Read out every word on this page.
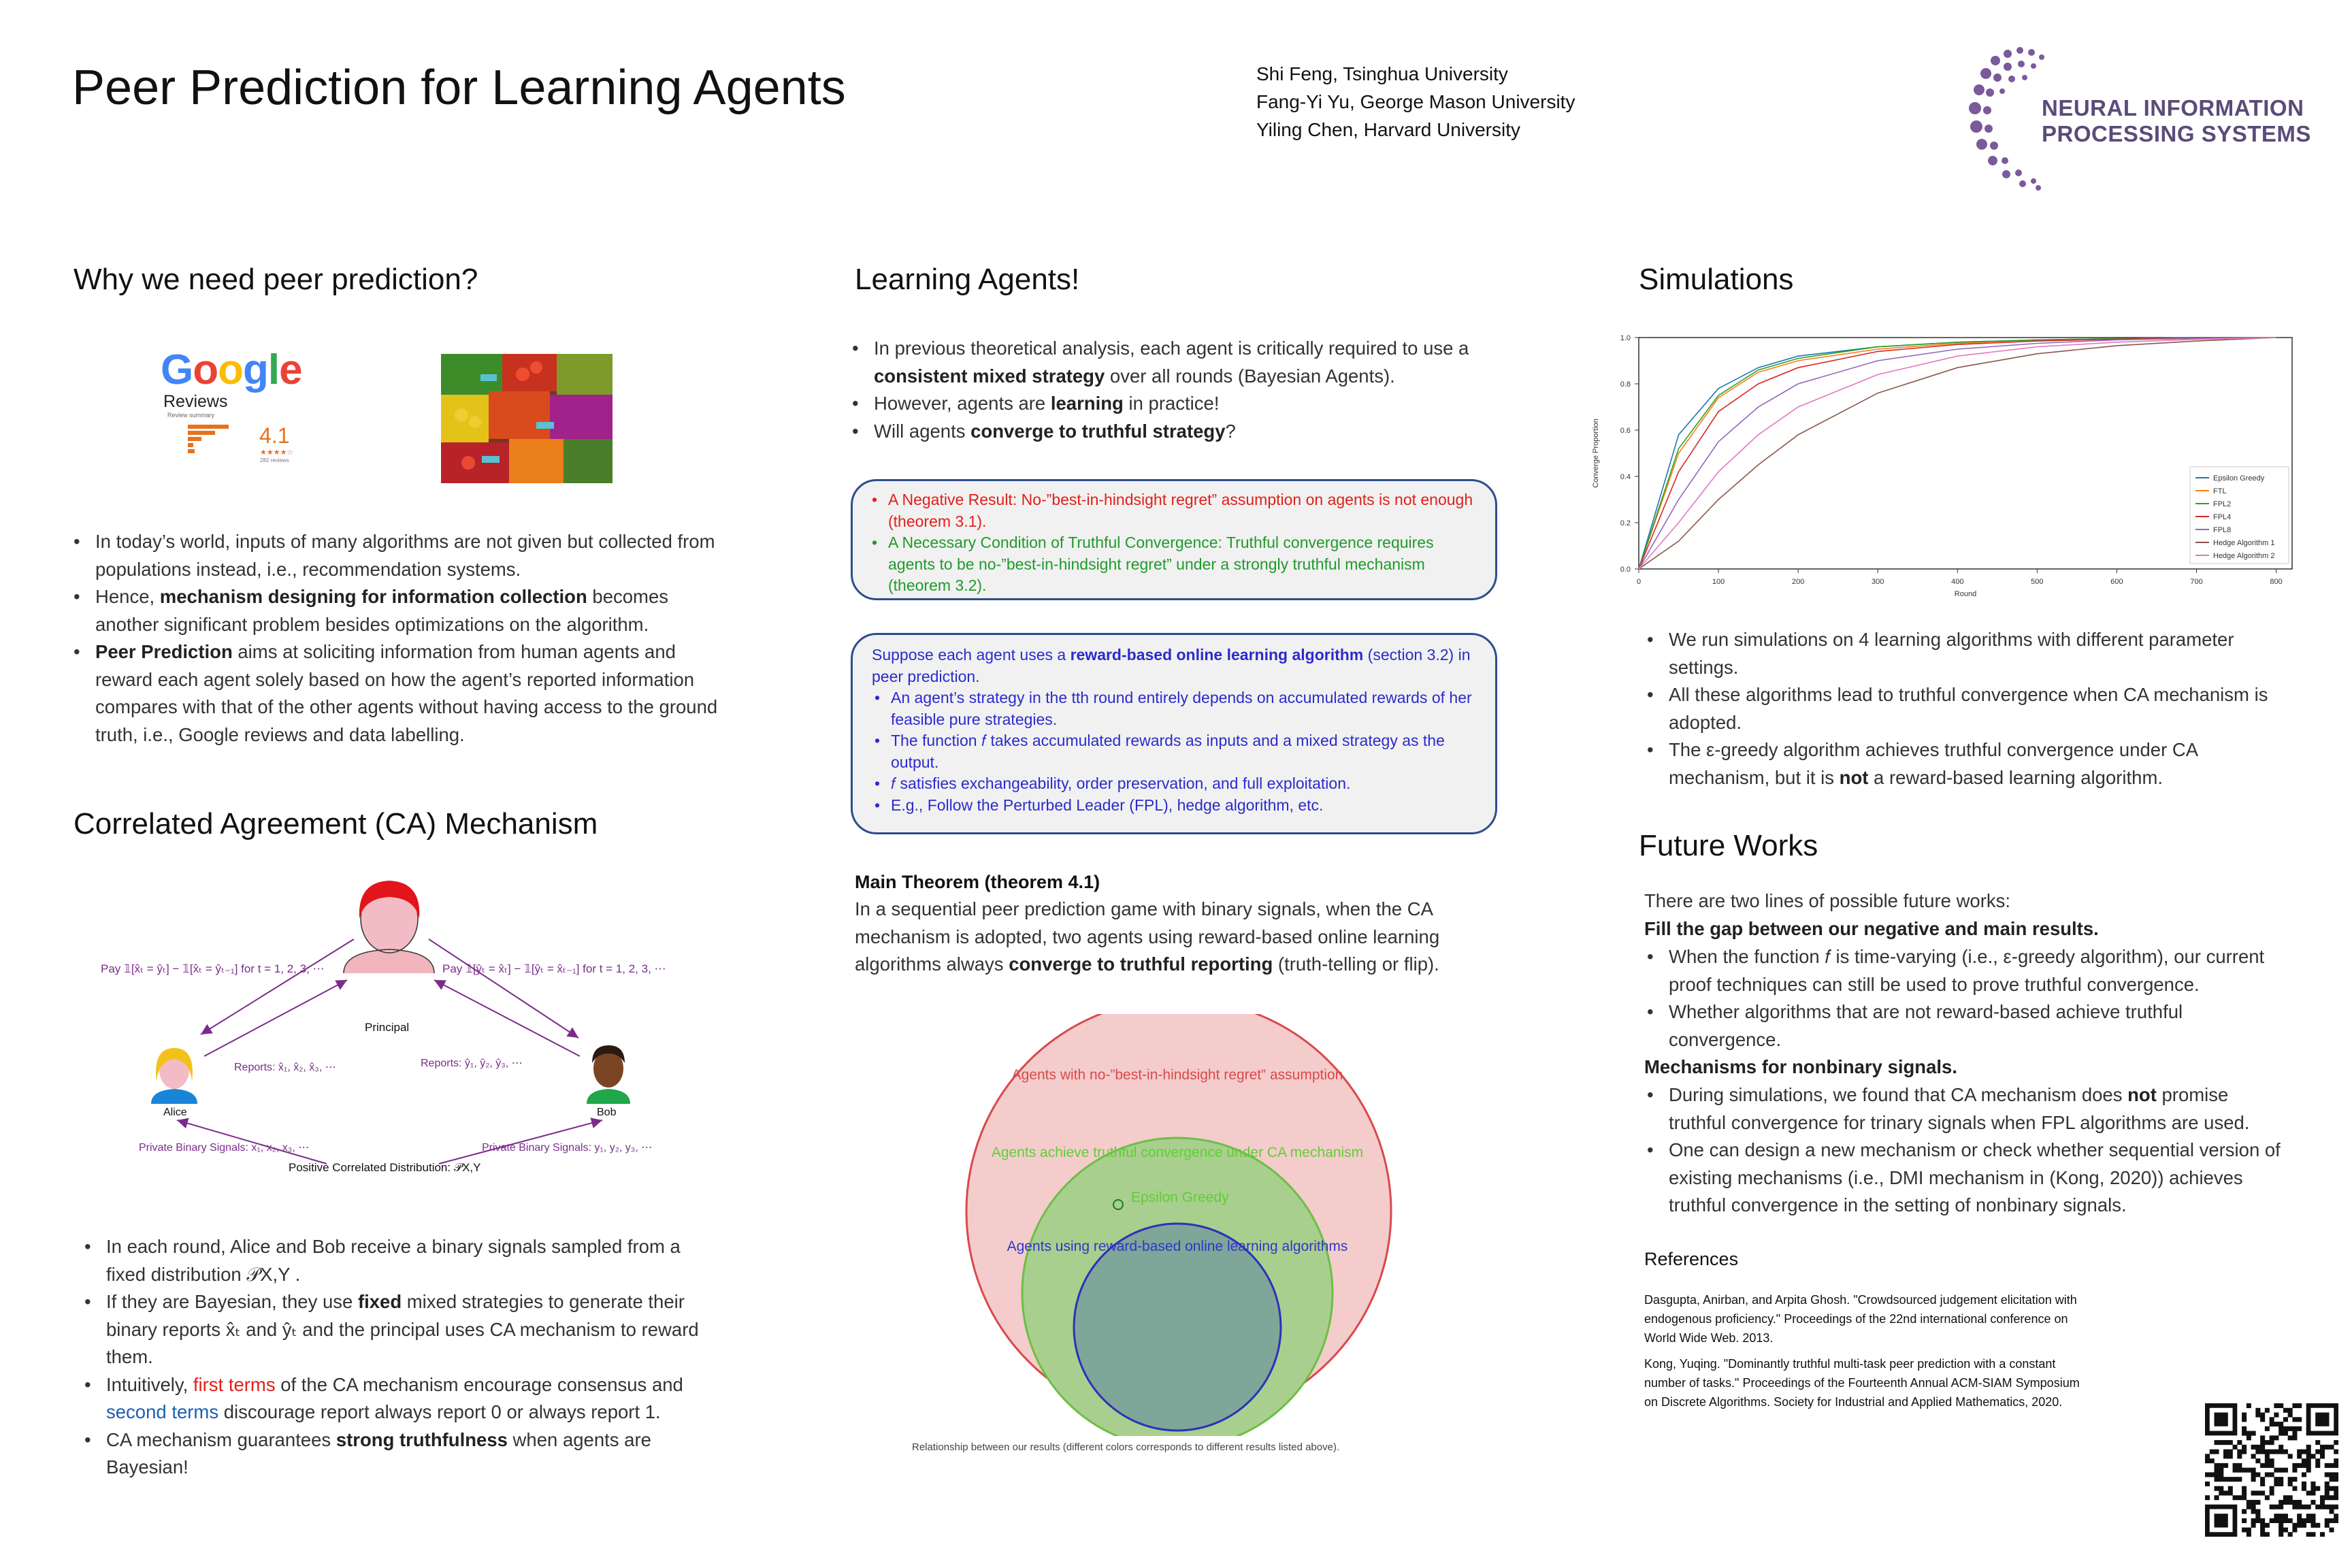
Peer Prediction for Learning Agents	Shi Feng, Tsinghua University
Fang-Yi Yu, George Mason University
Yiling Chen, Harvard University
NEURAL INFORMATION
PROCESSING SYSTEMS
Why we need peer prediction?
Google
Reviews
Review summary
4.1
★★★★☆
282 reviews
• In today’s world, inputs of many algorithms are not given but collected from populations instead, i.e., recommendation systems.
• Hence, mechanism designing for information collection becomes another significant problem besides optimizations on the algorithm.
• Peer Prediction aims at soliciting information from human agents and reward each agent solely based on how the agent’s reported information compares with that of the other agents without having access to the ground truth, i.e., Google reviews and data labelling.
Correlated Agreement (CA) Mechanism
Pay 𝟙[x̂ₜ = ŷₜ] − 𝟙[x̂ₜ = ŷₜ₋₁] for t = 1, 2, 3, ⋯	Pay 𝟙[ŷₜ = x̂ₜ] − 𝟙[ŷₜ = x̂ₜ₋₁] for t = 1, 2, 3, ⋯
Principal
Alice	Bob
Reports: x̂₁, x̂₂, x̂₃, ⋯	Reports: ŷ₁, ŷ₂, ŷ₃, ⋯
Private Binary Signals: x₁, x₂, x₃, ⋯	Private Binary Signals: y₁, y₂, y₃, ⋯
Positive Correlated Distribution: 𝒫X,Y
• In each round, Alice and Bob receive a binary signals sampled from a fixed distribution 𝒫X,Y .
• If they are Bayesian, they use fixed mixed strategies to generate their binary reports x̂ₜ and ŷₜ and the principal uses CA mechanism to reward them.
• Intuitively, first terms of the CA mechanism encourage consensus and second terms discourage report always report 0 or always report 1.
• CA mechanism guarantees strong truthfulness when agents are Bayesian!
Learning Agents!
• In previous theoretical analysis, each agent is critically required to use a consistent mixed strategy over all rounds (Bayesian Agents).
• However, agents are learning in practice!
• Will agents converge to truthful strategy?
• A Negative Result: No-”best-in-hindsight regret” assumption on agents is not enough (theorem 3.1).
• A Necessary Condition of Truthful Convergence: Truthful convergence requires agents to be no-”best-in-hindsight regret” under a strongly truthful mechanism (theorem 3.2).
Suppose each agent uses a reward-based online learning algorithm (section 3.2) in peer prediction.
• An agent’s strategy in the tth round entirely depends on accumulated rewards of her feasible pure strategies.
• The function 𝑓 takes accumulated rewards as inputs and a mixed strategy as the output.
• 𝑓 satisfies exchangeability, order preservation, and full exploitation.
• E.g., Follow the Perturbed Leader (FPL), hedge algorithm, etc.
Main Theorem (theorem 4.1)
In a sequential peer prediction game with binary signals, when the CA mechanism is adopted, two agents using reward-based online learning algorithms always converge to truthful reporting (truth-telling or flip).
Agents with no-”best-in-hindsight regret” assumption
Agents achieve truthful convergence under CA mechanism
Epsilon Greedy
Agents using reward-based online learning algorithms
Relationship between our results (different colors corresponds to different results listed above).
Simulations
0	100	200	300	400	500	600	700	800
0.0
0.2
0.4
0.6
0.8
1.0
Round
Converge Proportion	Epsilon Greedy
FTL
FPL2
FPL4
FPL8
Hedge Algorithm 1
Hedge Algorithm 2
• We run simulations on 4 learning algorithms with different parameter settings.
• All these algorithms lead to truthful convergence when CA mechanism is adopted.
• The ε-greedy algorithm achieves truthful convergence under CA mechanism, but it is not a reward-based learning algorithm.
Future Works
There are two lines of possible future works:
Fill the gap between our negative and main results.
• When the function 𝑓 is time-varying (i.e., ε-greedy algorithm), our current proof techniques can still be used to prove truthful convergence.
• Whether algorithms that are not reward-based achieve truthful convergence.
Mechanisms for nonbinary signals.
• During simulations, we found that CA mechanism does not promise truthful convergence for trinary signals when FPL algorithms are used.
• One can design a new mechanism or check whether sequential version of existing mechanisms (i.e., DMI mechanism in (Kong, 2020)) achieves truthful convergence in the setting of nonbinary signals.
References
Dasgupta, Anirban, and Arpita Ghosh. "Crowdsourced judgement elicitation with endogenous proficiency." Proceedings of the 22nd international conference on World Wide Web. 2013.
Kong, Yuqing. "Dominantly truthful multi-task peer prediction with a constant number of tasks." Proceedings of the Fourteenth Annual ACM-SIAM Symposium on Discrete Algorithms. Society for Industrial and Applied Mathematics, 2020.
